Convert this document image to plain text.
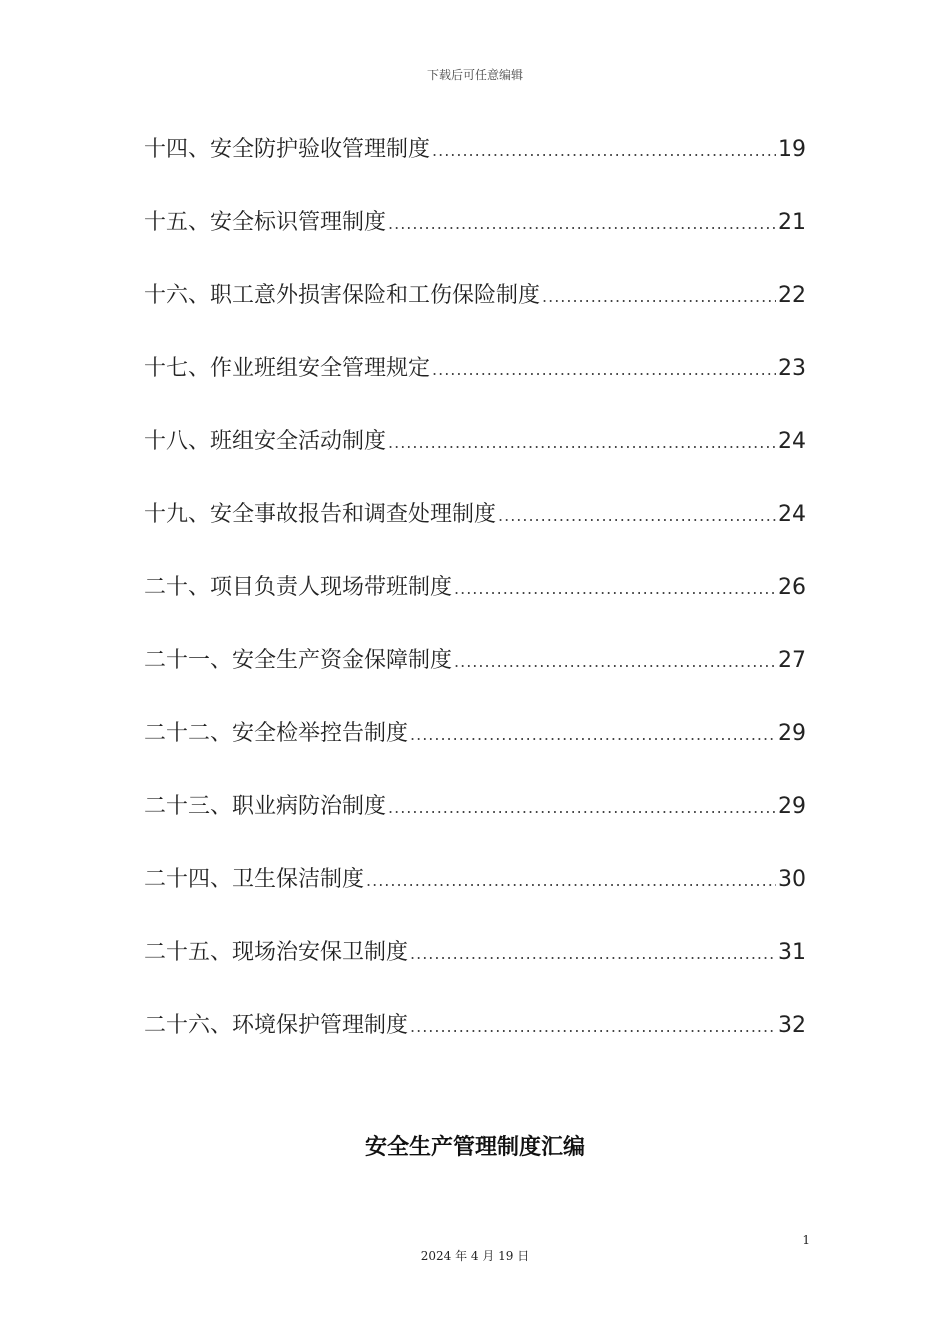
下载后可任意编辑
十四、安全防护验收管理制度 .....	19
十五、安全标识管理制度 .....	21
十六、职工意外损害保险和工伤保险制度 .....	22
十七、作业班组安全管理规定 .....	23
十八、班组安全活动制度 .....	24
十九、安全事故报告和调查处理制度 .....	24
二十、项目负责人现场带班制度 .....	26
二十一、安全生产资金保障制度 .....	27
二十二、安全检举控告制度 .....	29
二十三、职业病防治制度 .....	29
二十四、卫生保洁制度 .....	30
二十五、现场治安保卫制度 .....	31
二十六、环境保护管理制度 .....	32
安全生产管理制度汇编
1
2024 年 4 月 19 日
